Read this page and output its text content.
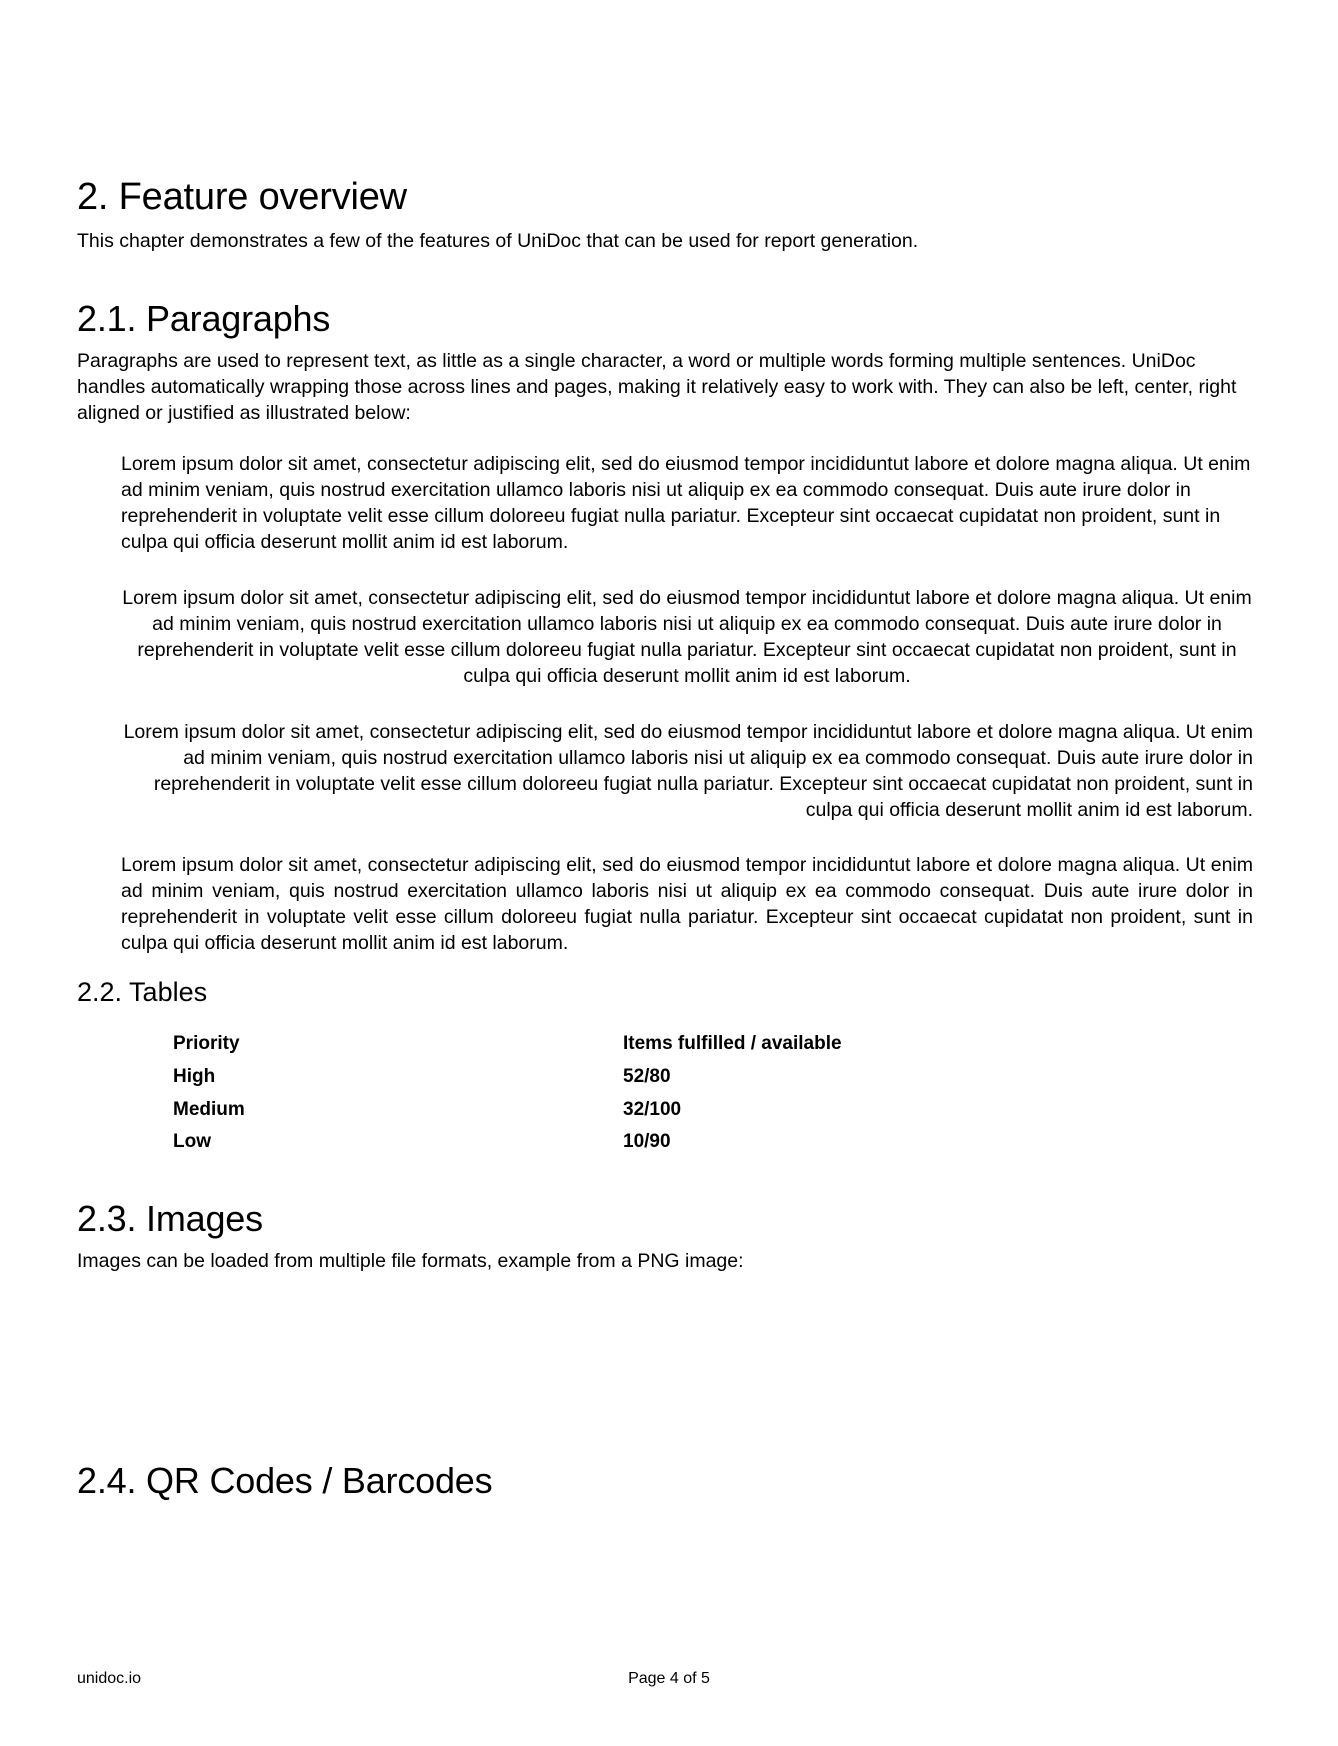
2. Feature overview

This chapter demonstrates a few of the features of UniDoc that can be used for report generation.

2.1. Paragraphs

Paragraphs are used to represent text, as little as a single character, a word or multiple words forming multiple sentences. UniDoc handles automatically wrapping those across lines and pages, making it relatively easy to work with. They can also be left, center, right aligned or justified as illustrated below:

Lorem ipsum dolor sit amet, consectetur adipiscing elit, sed do eiusmod tempor incididuntut labore et dolore magna aliqua. Ut enim ad minim veniam, quis nostrud exercitation ullamco laboris nisi ut aliquip ex ea commodo consequat. Duis aute irure dolor in reprehenderit in voluptate velit esse cillum doloreeu fugiat nulla pariatur. Excepteur sint occaecat cupidatat non proident, sunt in culpa qui officia deserunt mollit anim id est laborum.

Lorem ipsum dolor sit amet, consectetur adipiscing elit, sed do eiusmod tempor incididuntut labore et dolore magna aliqua. Ut enim ad minim veniam, quis nostrud exercitation ullamco laboris nisi ut aliquip ex ea commodo consequat. Duis aute irure dolor in reprehenderit in voluptate velit esse cillum doloreeu fugiat nulla pariatur. Excepteur sint occaecat cupidatat non proident, sunt in culpa qui officia deserunt mollit anim id est laborum.

Lorem ipsum dolor sit amet, consectetur adipiscing elit, sed do eiusmod tempor incididuntut labore et dolore magna aliqua. Ut enim ad minim veniam, quis nostrud exercitation ullamco laboris nisi ut aliquip ex ea commodo consequat. Duis aute irure dolor in reprehenderit in voluptate velit esse cillum doloreeu fugiat nulla pariatur. Excepteur sint occaecat cupidatat non proident, sunt in culpa qui officia deserunt mollit anim id est laborum.

Lorem ipsum dolor sit amet, consectetur adipiscing elit, sed do eiusmod tempor incididuntut labore et dolore magna aliqua. Ut enim ad minim veniam, quis nostrud exercitation ullamco laboris nisi ut aliquip ex ea commodo consequat. Duis aute irure dolor in reprehenderit in voluptate velit esse cillum doloreeu fugiat nulla pariatur. Excepteur sint occaecat cupidatat non proident, sunt in culpa qui officia deserunt mollit anim id est laborum.

2.2. Tables
Priority	Items fulfilled / available
High	52/80
Medium	32/100
Low	10/90
2.3. Images

Images can be loaded from multiple file formats, example from a PNG image:

2.4. QR Codes / Barcodes
unidoc.io	Page 4 of 5
